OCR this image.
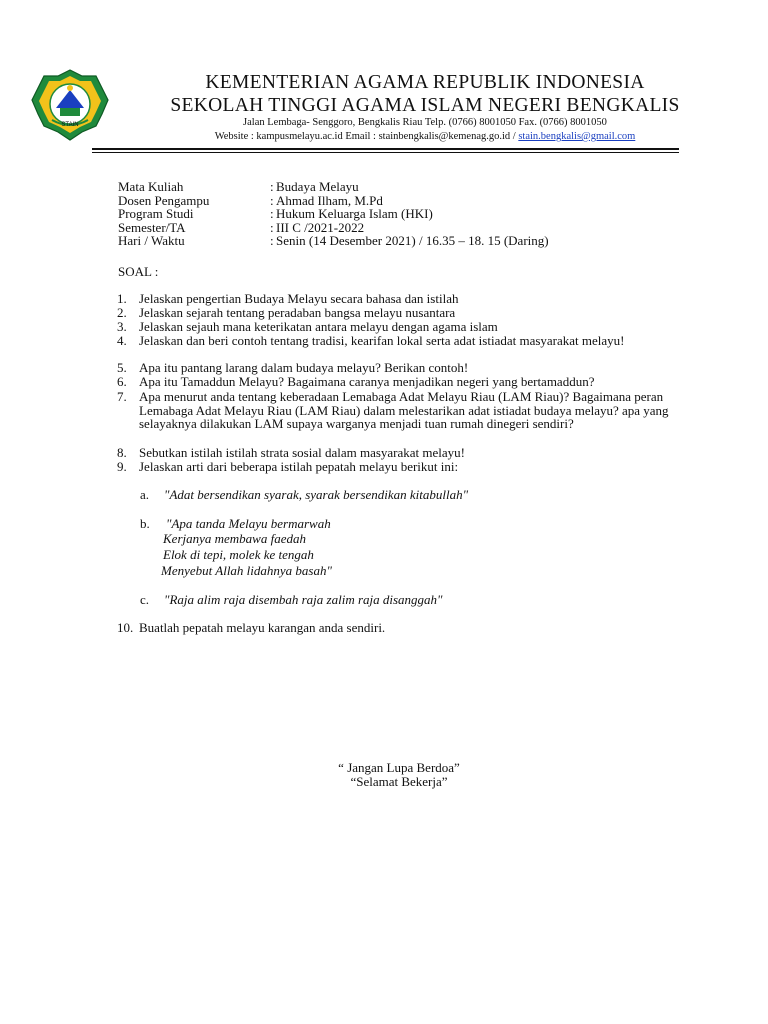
STAIN
KEMENTERIAN AGAMA REPUBLIK INDONESIA
SEKOLAH TINGGI AGAMA ISLAM NEGERI BENGKALIS
Jalan Lembaga- Senggoro, Bengkalis Riau Telp. (0766) 8001050 Fax. (0766) 8001050
Website : kampusmelayu.ac.id Email : stainbengkalis@kemenag.go.id / stain.bengkalis@gmail.com
Mata Kuliah	: Budaya Melayu
Dosen Pengampu	: Ahmad Ilham, M.Pd
Program Studi	: Hukum Keluarga Islam (HKI)
Semester/TA	: III C /2021-2022
Hari / Waktu	: Senin (14 Desember 2021) / 16.35 – 18. 15 (Daring)
SOAL :
1. Jelaskan pengertian Budaya Melayu secara bahasa dan istilah
2. Jelaskan sejarah tentang peradaban bangsa melayu nusantara
3. Jelaskan sejauh mana keterikatan antara melayu dengan agama islam
4. Jelaskan dan beri contoh tentang tradisi, kearifan lokal serta adat istiadat masyarakat melayu!
5. Apa itu pantang larang dalam budaya melayu? Berikan contoh!
6. Apa itu Tamaddun Melayu? Bagaimana caranya menjadikan negeri yang bertamaddun?
7. Apa menurut anda tentang keberadaan Lemabaga Adat Melayu Riau (LAM Riau)? Bagaimana peran Lemabaga Adat Melayu Riau (LAM Riau) dalam melestarikan adat istiadat budaya melayu? apa yang selayaknya dilakukan LAM supaya warganya menjadi tuan rumah dinegeri sendiri?
8. Sebutkan istilah istilah strata sosial dalam masyarakat melayu!
9. Jelaskan arti dari beberapa istilah pepatah melayu berikut ini:
a. "Adat bersendikan syarak, syarak bersendikan kitabullah"
b. "Apa tanda Melayu bermarwah
Kerjanya membawa faedah
Elok di tepi, molek ke tengah
Menyebut Allah lidahnya basah"
c. "Raja alim raja disembah raja zalim raja disanggah"
10. Buatlah pepatah melayu karangan anda sendiri.
“ Jangan Lupa Berdoa”
“Selamat Bekerja”
